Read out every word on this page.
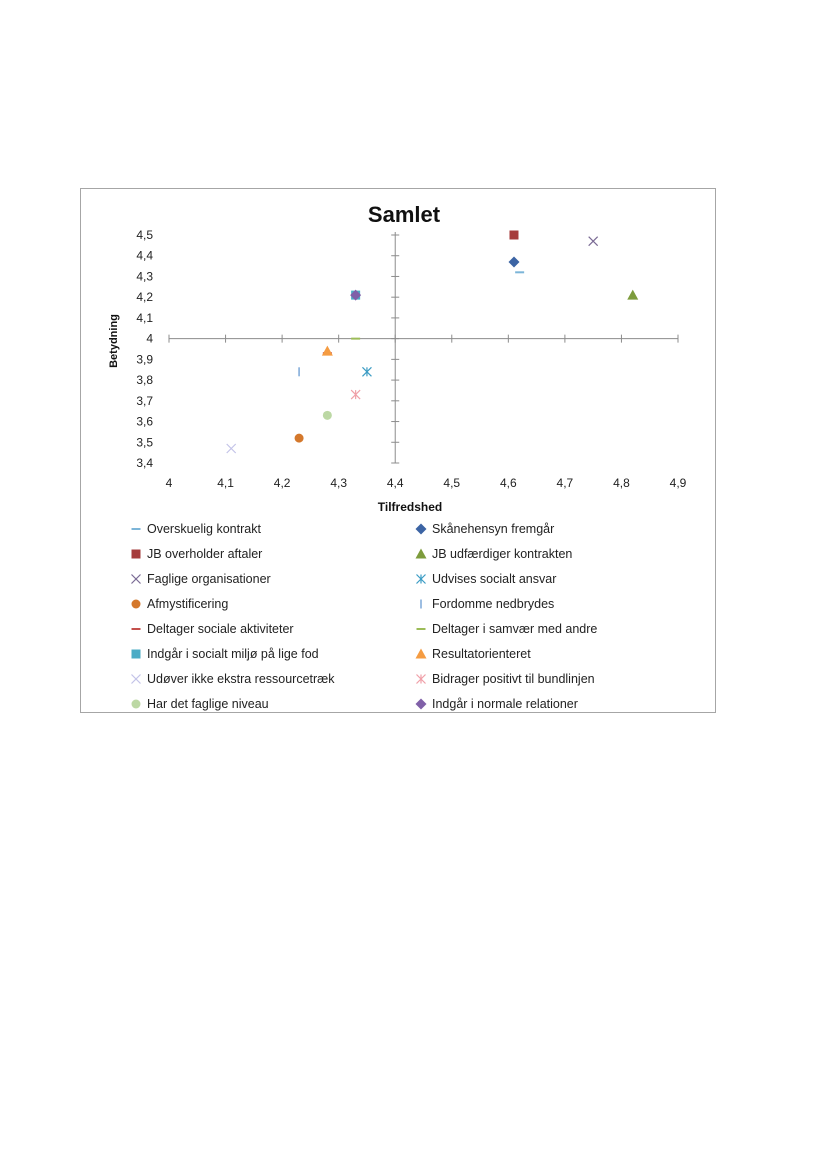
Samlet
Betydning
Tilfredshed
4	4,1	4,2	4,3	4,4	4,5	4,6	4,7	4,8	4,9
3,4
3,5
3,6
3,7
3,8
3,9
4
4,1
4,2
4,3
4,4
4,5
Overskuelig kontrakt	Skånehensyn fremgår
JB overholder aftaler	JB udfærdiger kontrakten
Faglige organisationer	Udvises socialt ansvar
Afmystificering	Fordomme nedbrydes
Deltager sociale aktiviteter	Deltager i samvær med andre
Indgår i socialt miljø på lige fod	Resultatorienteret
Udøver ikke ekstra ressourcetræk	Bidrager positivt til bundlinjen
Har det faglige niveau	Indgår i normale relationer
